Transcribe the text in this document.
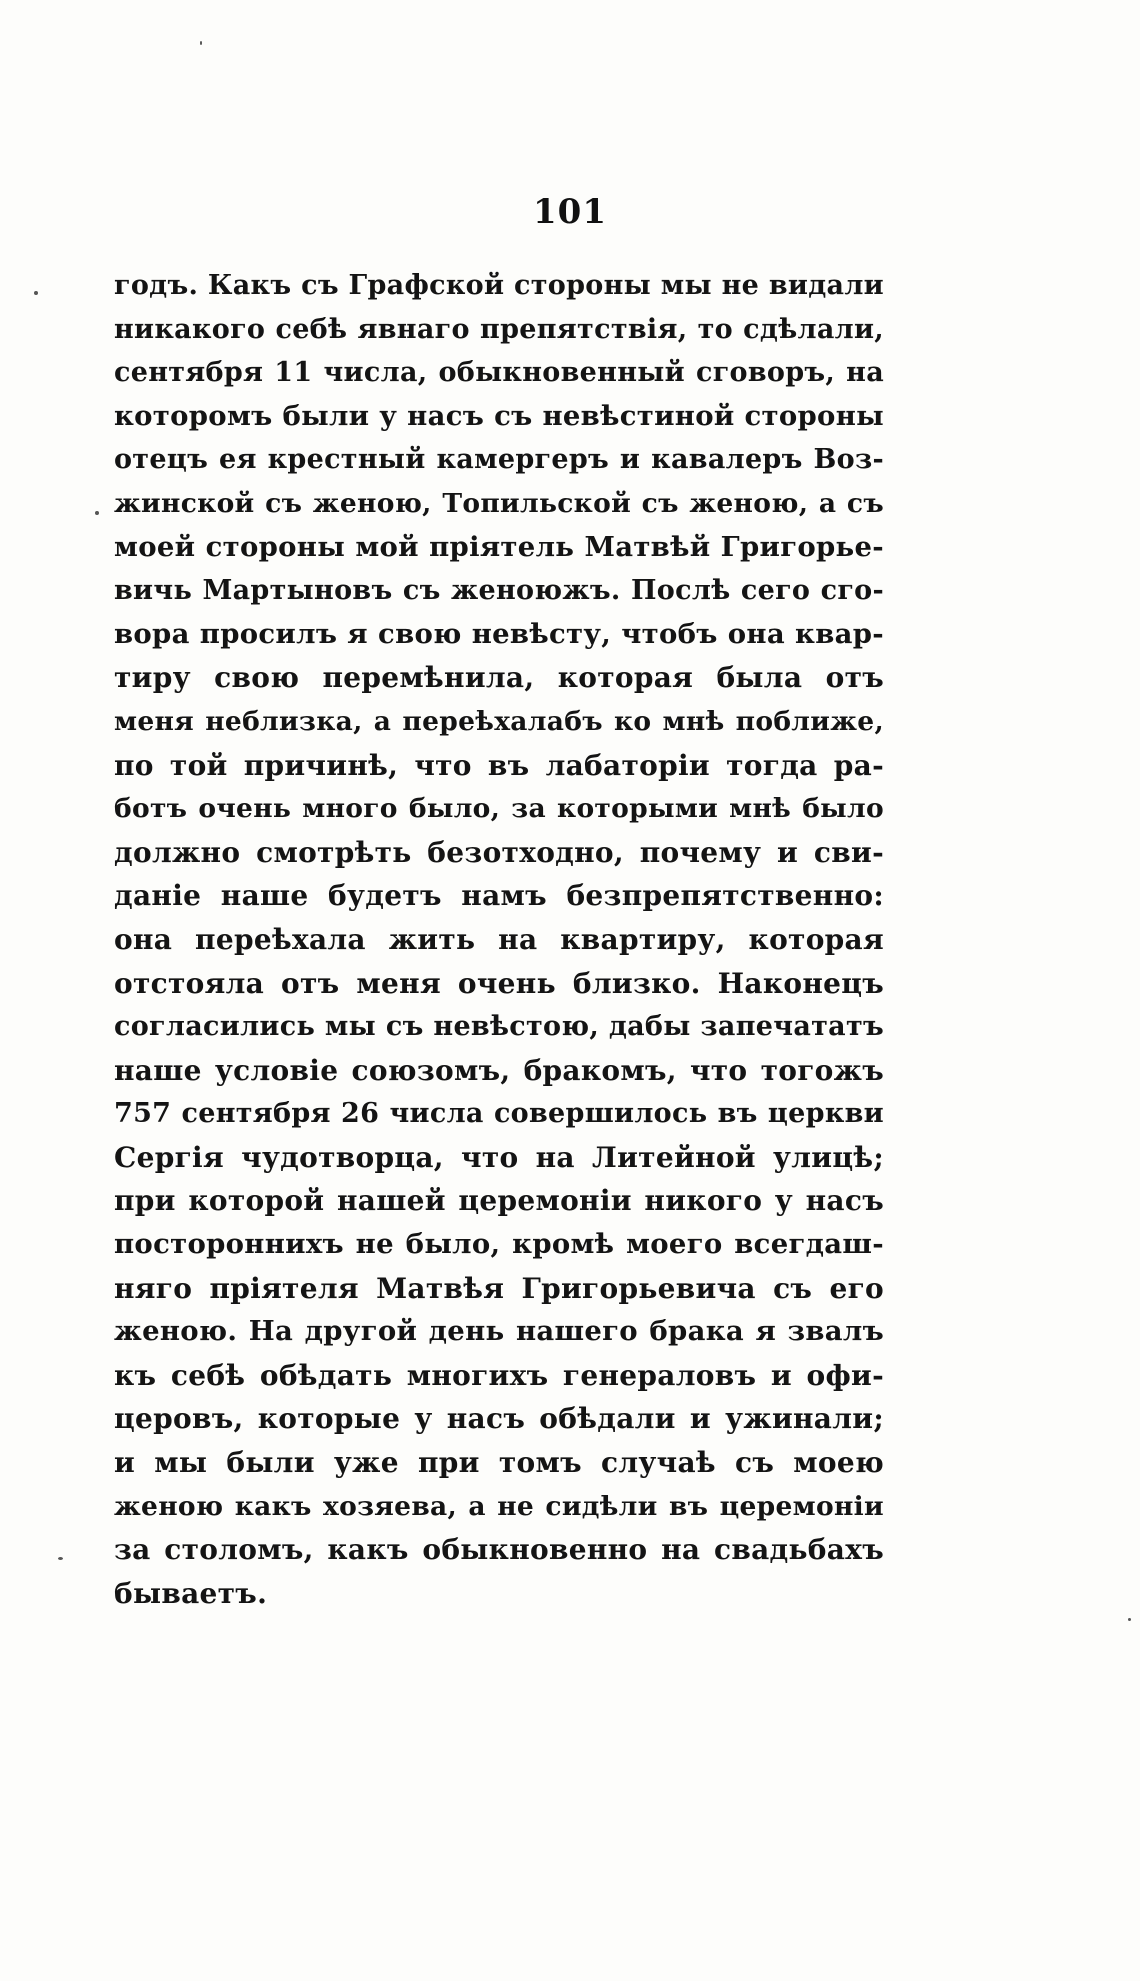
101
годъ. Какъ съ Графской стороны мы не видали
никакого себѣ явнаго препятствія, то сдѣлали,
сентября 11 числа, обыкновенный сговоръ, на
которомъ были у насъ съ невѣстиной стороны
отецъ ея крестный камергеръ и кавалеръ Воз-
жинской съ женою, Топильской съ женою, а съ
моей стороны мой пріятель Матвѣй Григорье-
вичь Мартыновъ съ женоюжъ. Послѣ сего сго-
вора просилъ я свою невѣсту, чтобъ она квар-
тиру свою перемѣнила, которая была отъ
меня неблизка, а переѣхалабъ ко мнѣ поближе,
по той причинѣ, что въ лабаторіи тогда ра-
ботъ очень много было, за которыми мнѣ было
должно смотрѣть безотходно, почему и сви-
даніе наше будетъ намъ безпрепятственно:
она переѣхала жить на квартиру, которая
отстояла отъ меня очень близко. Наконецъ
согласились мы съ невѣстою, дабы запечататъ
наше условіе союзомъ, бракомъ, что тогожъ
757 сентября 26 числа совершилось въ церкви
Сергія чудотворца, что на Литейной улицѣ;
при которой нашей церемоніи никого у насъ
постороннихъ не было, кромѣ моего всегдаш-
няго пріятеля Матвѣя Григорьевича съ его
женою. На другой день нашего брака я звалъ
къ себѣ обѣдать многихъ генераловъ и офи-
церовъ, которые у насъ обѣдали и ужинали;
и мы были уже при томъ случаѣ съ моею
женою какъ хозяева, а не сидѣли въ церемоніи
за столомъ, какъ обыкновенно на свадьбахъ
бываетъ.
